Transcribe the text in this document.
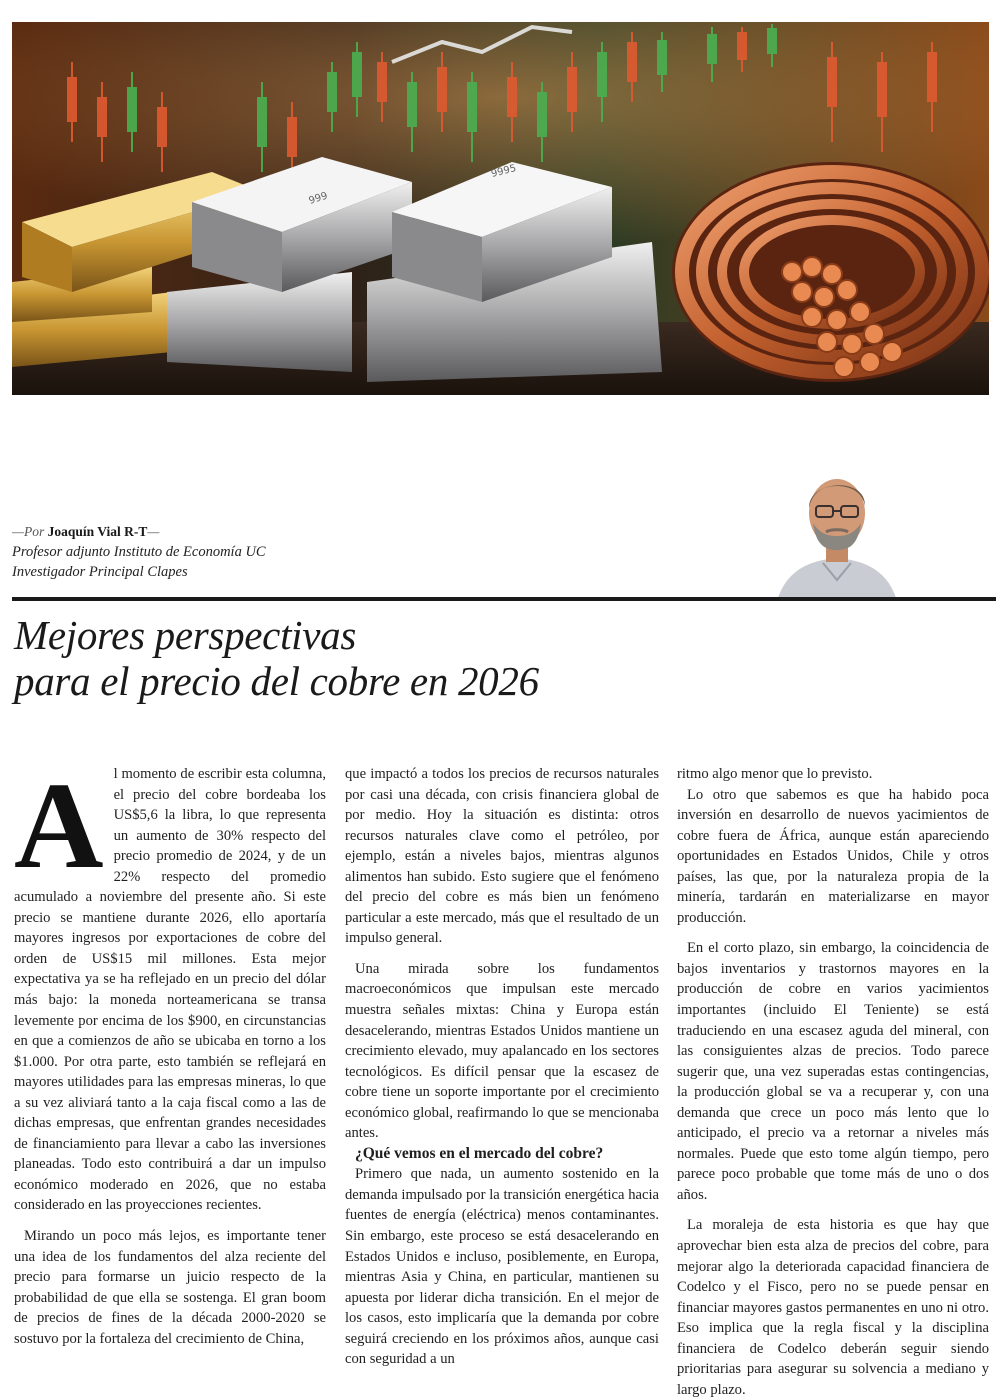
999
9995
—Por Joaquín Vial R-T—
Profesor adjunto Instituto de Economía UC
Investigador Principal Clapes
Mejores perspectivas
para el precio del cobre en 2026

Al momento de escribir esta columna, el precio del cobre bordeaba los US$5,6 la libra, lo que representa un aumento de 30% respecto del precio promedio de 2024, y de un 22% respecto del promedio acumulado a noviembre del presente año. Si este precio se mantiene durante 2026, ello aportaría mayores ingresos por exportaciones de cobre del orden de US$15 mil millones. Esta mejor expectativa ya se ha reflejado en un precio del dólar más bajo: la moneda norteamericana se transa levemente por encima de los $900, en circunstancias en que a comienzos de año se ubicaba en torno a los $1.000. Por otra parte, esto también se reflejará en mayores utilidades para las empresas mineras, lo que a su vez aliviará tanto a la caja fiscal como a las de dichas empresas, que enfrentan grandes necesidades de financiamiento para llevar a cabo las inversiones planeadas. Todo esto contribuirá a dar un impulso económico moderado en 2026, que no estaba considerado en las proyecciones recientes.

Mirando un poco más lejos, es importante tener una idea de los fundamentos del alza reciente del precio para formarse un juicio respecto de la probabilidad de que ella se sostenga. El gran boom de precios de fines de la década 2000-2020 se sostuvo por la fortaleza del crecimiento de China,

que impactó a todos los precios de recursos naturales por casi una década, con crisis financiera global de por medio. Hoy la situación es distinta: otros recursos naturales clave como el petróleo, por ejemplo, están a niveles bajos, mientras algunos alimentos han subido. Esto sugiere que el fenómeno del precio del cobre es más bien un fenómeno particular a este mercado, más que el resultado de un impulso general.

Una mirada sobre los fundamentos macroeconómicos que impulsan este mercado muestra señales mixtas: China y Europa están desacelerando, mientras Estados Unidos mantiene un crecimiento elevado, muy apalancado en los sectores tecnológicos. Es difícil pensar que la escasez de cobre tiene un soporte importante por el crecimiento económico global, reafirmando lo que se mencionaba antes.

¿Qué vemos en el mercado del cobre?

Primero que nada, un aumento sostenido en la demanda impulsado por la transición energética hacia fuentes de energía (eléctrica) menos contaminantes. Sin embargo, este proceso se está desacelerando en Estados Unidos e incluso, posiblemente, en Europa, mientras Asia y China, en particular, mantienen su apuesta por liderar dicha transición. En el mejor de los casos, esto implicaría que la demanda por cobre seguirá creciendo en los próximos años, aunque casi con seguridad a un

ritmo algo menor que lo previsto.

Lo otro que sabemos es que ha habido poca inversión en desarrollo de nuevos yacimientos de cobre fuera de África, aunque están apareciendo oportunidades en Estados Unidos, Chile y otros países, las que, por la naturaleza propia de la minería, tardarán en materializarse en mayor producción.

En el corto plazo, sin embargo, la coincidencia de bajos inventarios y trastornos mayores en la producción de cobre en varios yacimientos importantes (incluido El Teniente) se está traduciendo en una escasez aguda del mineral, con las consiguientes alzas de precios. Todo parece sugerir que, una vez superadas estas contingencias, la producción global se va a recuperar y, con una demanda que crece un poco más lento que lo anticipado, el precio va a retornar a niveles más normales. Puede que esto tome algún tiempo, pero parece poco probable que tome más de uno o dos años.

La moraleja de esta historia es que hay que aprovechar bien esta alza de precios del cobre, para mejorar algo la deteriorada capacidad financiera de Codelco y el Fisco, pero no se puede pensar en financiar mayores gastos permanentes en uno ni otro. Eso implica que la regla fiscal y la disciplina financiera de Codelco deberán seguir siendo prioritarias para asegurar su solvencia a mediano y largo plazo.
